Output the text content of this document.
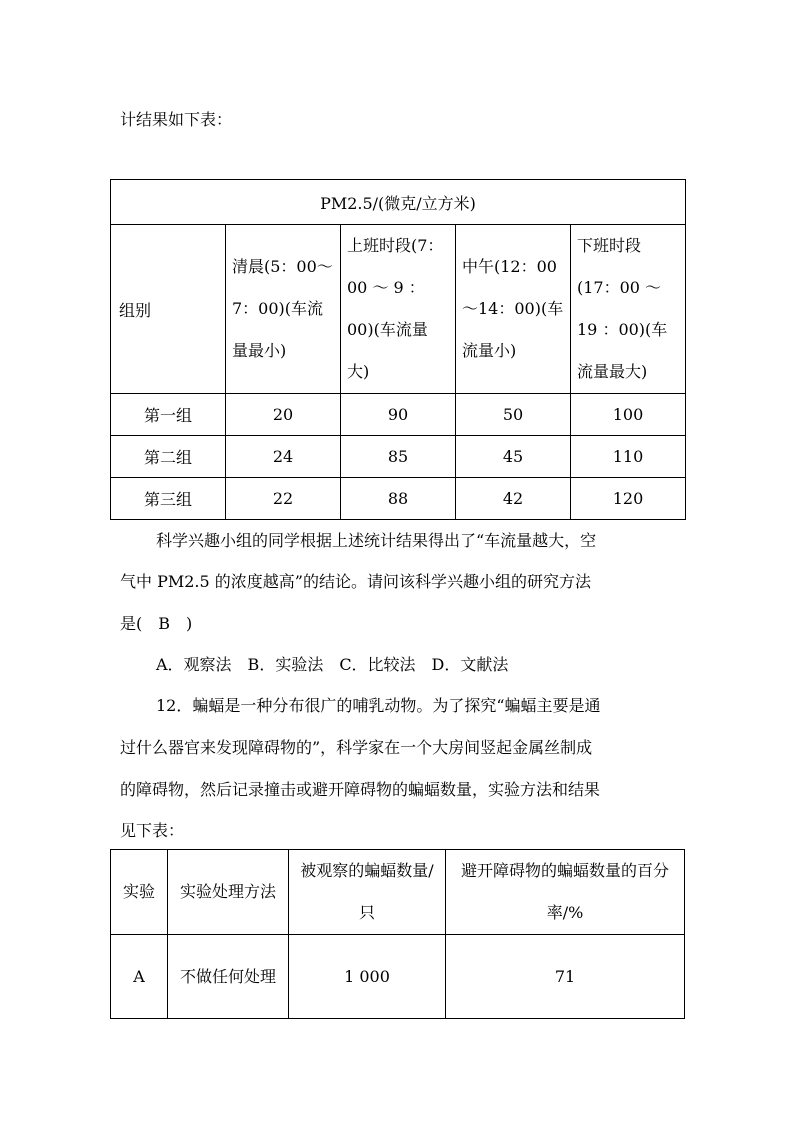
计结果如下表：
PM2.5/(微克/立方米)				
组别	清晨(5：00～7：00)(车流量最小)	上班时段(7：00 ～ 9 ：00)(车流量大)	中午(12：00～14：00)(车流量小)	下班时段(17：00 ～ 19 ：00)(车流量最大)
第一组	20	90	50	100
第二组	24	85	45	110
第三组	22	88	42	120
科学兴趣小组的同学根据上述统计结果得出了“车流量越大，空
气中 PM2.5 的浓度越高”的结论。请问该科学兴趣小组的研究方法
是(　B　)
A．观察法　B．实验法　C．比较法　D．文献法
12．蝙蝠是一种分布很广的哺乳动物。为了探究“蝙蝠主要是通
过什么器官来发现障碍物的”，科学家在一个大房间竖起金属丝制成
的障碍物，然后记录撞击或避开障碍物的蝙蝠数量，实验方法和结果
见下表：
实验	实验处理方法	被观察的蝙蝠数量/只	避开障碍物的蝙蝠数量的百分率/%
A	不做任何处理	1 000	71
